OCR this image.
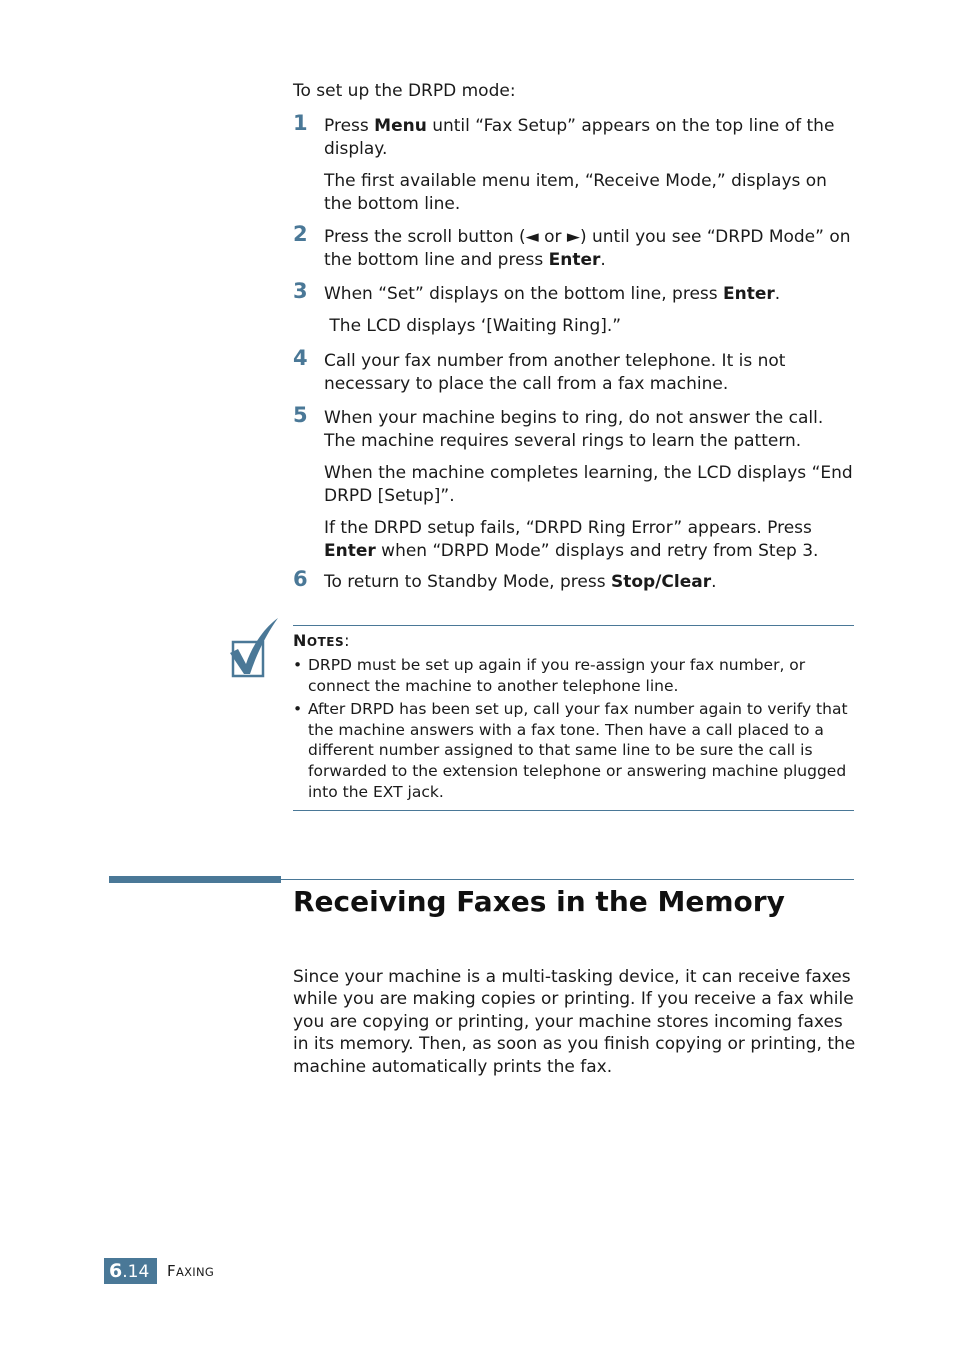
To set up the DRPD mode:
1 Press Menu until “Fax Setup” appears on the top line of the display.

The first available menu item, “Receive Mode,” displays on the bottom line.

2 Press the scroll button (◄ or ►) until you see “DRPD Mode” on the bottom line and press Enter.

3 When “Set” displays on the bottom line, press Enter.

The LCD displays ‘[Waiting Ring].”

4 Call your fax number from another telephone. It is not necessary to place the call from a fax machine.

5 When your machine begins to ring, do not answer the call. The machine requires several rings to learn the pattern.

When the machine completes learning, the LCD displays “End DRPD [Setup]”.

If the DRPD setup fails, “DRPD Ring Error” appears. Press Enter when “DRPD Mode” displays and retry from Step 3.

6 To return to Standby Mode, press Stop/Clear.

NOTES:
• DRPD must be set up again if you re-assign your fax number, or connect the machine to another telephone line.
• After DRPD has been set up, call your fax number again to verify that the machine answers with a fax tone. Then have a call placed to a different number assigned to that same line to be sure the call is forwarded to the extension telephone or answering machine plugged into the EXT jack.
Receiving Faxes in the Memory

Since your machine is a multi-tasking device, it can receive faxes while you are making copies or printing. If you receive a fax while you are copying or printing, your machine stores incoming faxes in its memory. Then, as soon as you finish copying or printing, the machine automatically prints the fax.

6.14	FAXING
